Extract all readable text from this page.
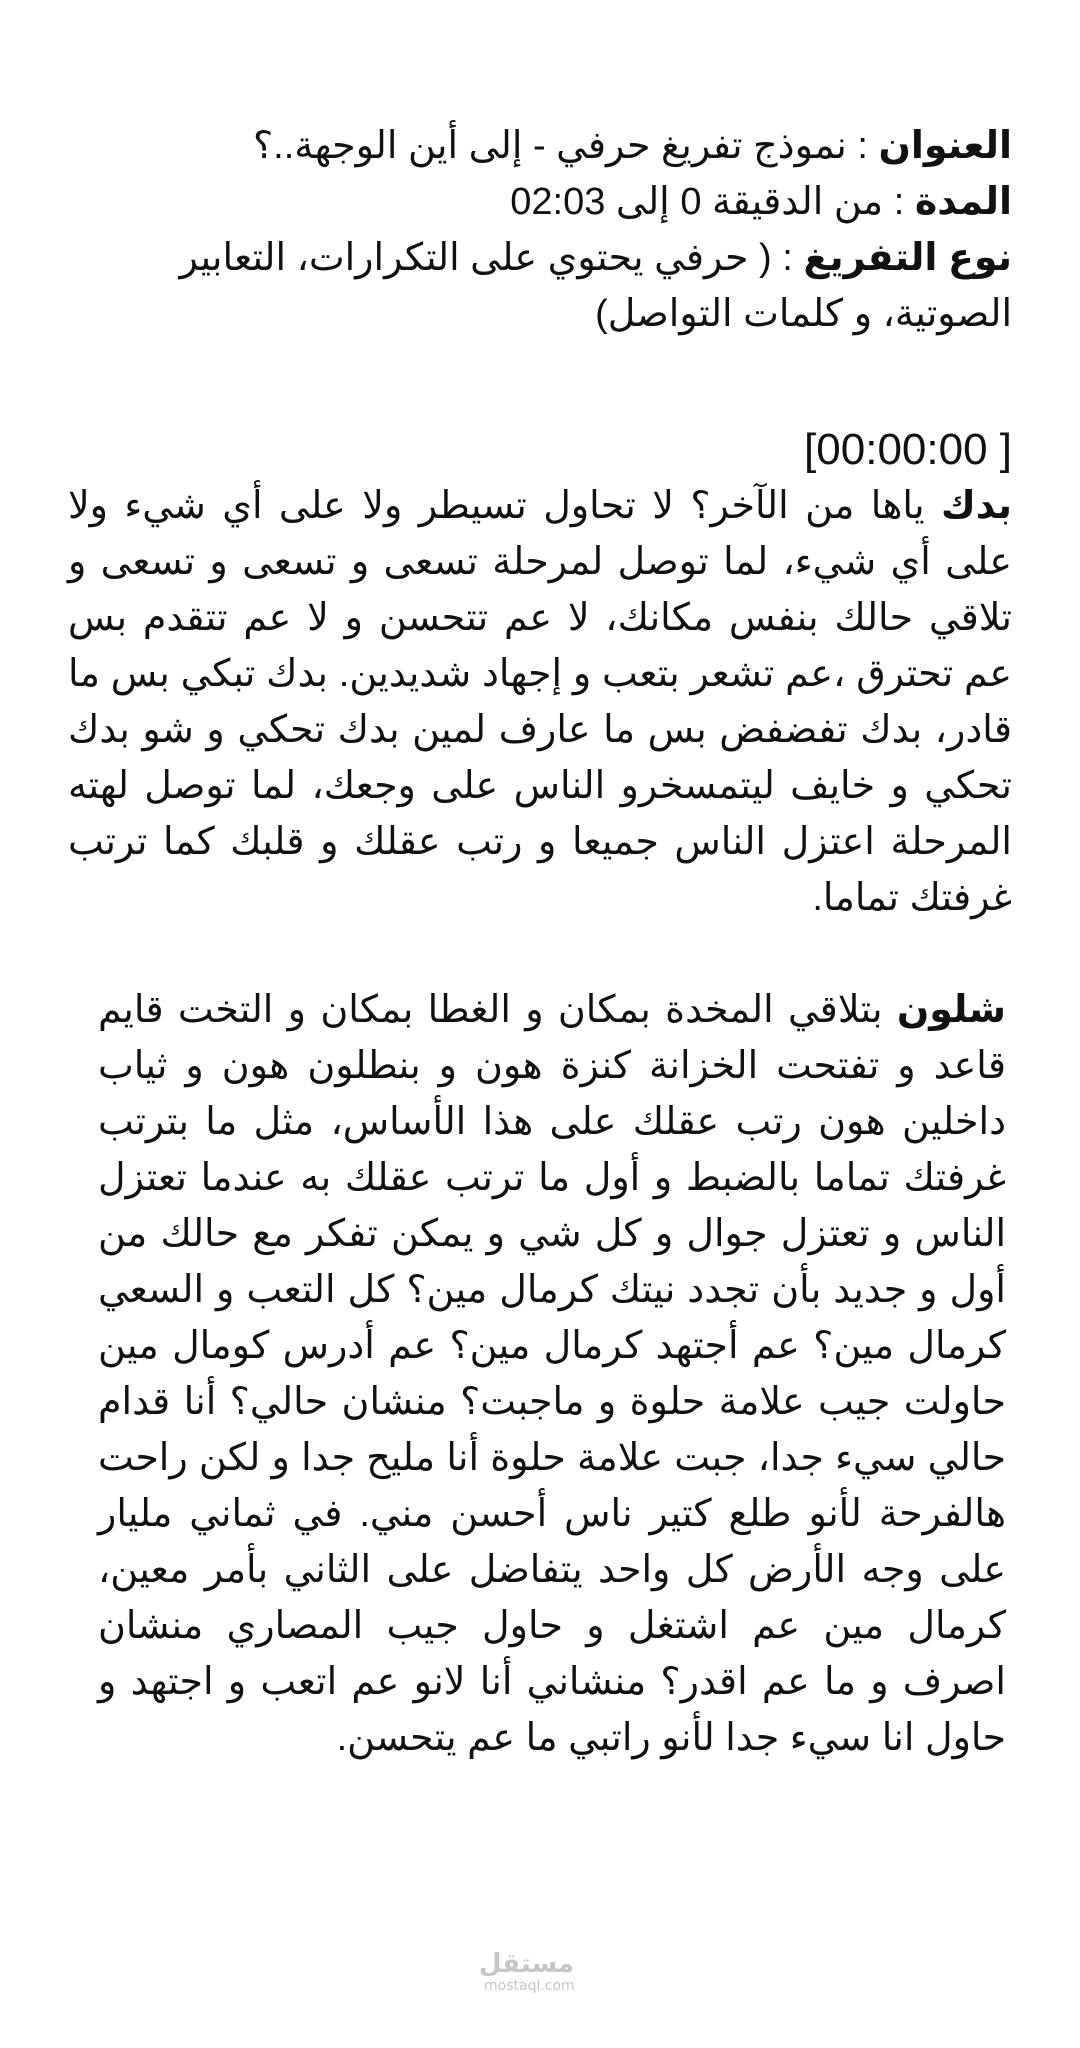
العنوان : نموذج تفريغ حرفي - إلى أين الوجهة..؟

المدة : من الدقيقة 0 إلى 02:03

نوع التفريغ : ( حرفي يحتوي على التكرارات، التعابير الصوتية، و كلمات التواصل)

[00:00:00 ]

بدك ياها من الآخر؟ لا تحاول تسيطر ولا على أي شيء ولا على أي شيء، لما توصل لمرحلة تسعى و تسعى و تسعى و تلاقي حالك بنفس مكانك، لا عم تتحسن و لا عم تتقدم بس عم تحترق ،عم تشعر بتعب و إجهاد شديدين. بدك تبكي بس ما قادر، بدك تفضفض بس ما عارف لمين بدك تحكي و شو بدك تحكي و خايف ليتمسخرو الناس على وجعك، لما توصل لهته المرحلة اعتزل الناس جميعا و رتب عقلك و قلبك كما ترتب غرفتك تماما.

شلون بتلاقي المخدة بمكان و الغطا بمكان و التخت قايم قاعد و تفتحت الخزانة كنزة هون و بنطلون هون و ثياب داخلين هون رتب عقلك على هذا الأساس، مثل ما بترتب غرفتك تماما بالضبط و أول ما ترتب عقلك به عندما تعتزل الناس و تعتزل جوال و كل شي و يمكن تفكر مع حالك من أول و جديد بأن تجدد نيتك كرمال مين؟ كل التعب و السعي كرمال مين؟ عم أجتهد كرمال مين؟ عم أدرس كومال مين حاولت جيب علامة حلوة و ماجبت؟ منشان حالي؟ أنا قدام حالي سيء جدا، جبت علامة حلوة أنا مليح جدا و لكن راحت هالفرحة لأنو طلع كتير ناس أحسن مني. في ثماني مليار على وجه الأرض كل واحد يتفاضل على الثاني بأمر معين، كرمال مين عم اشتغل و حاول جيب المصاري منشان اصرف و ما عم اقدر؟ منشاني أنا لانو عم اتعب و اجتهد و حاول انا سيء جدا لأنو راتبي ما عم يتحسن.

مستقل
mostaql.com
